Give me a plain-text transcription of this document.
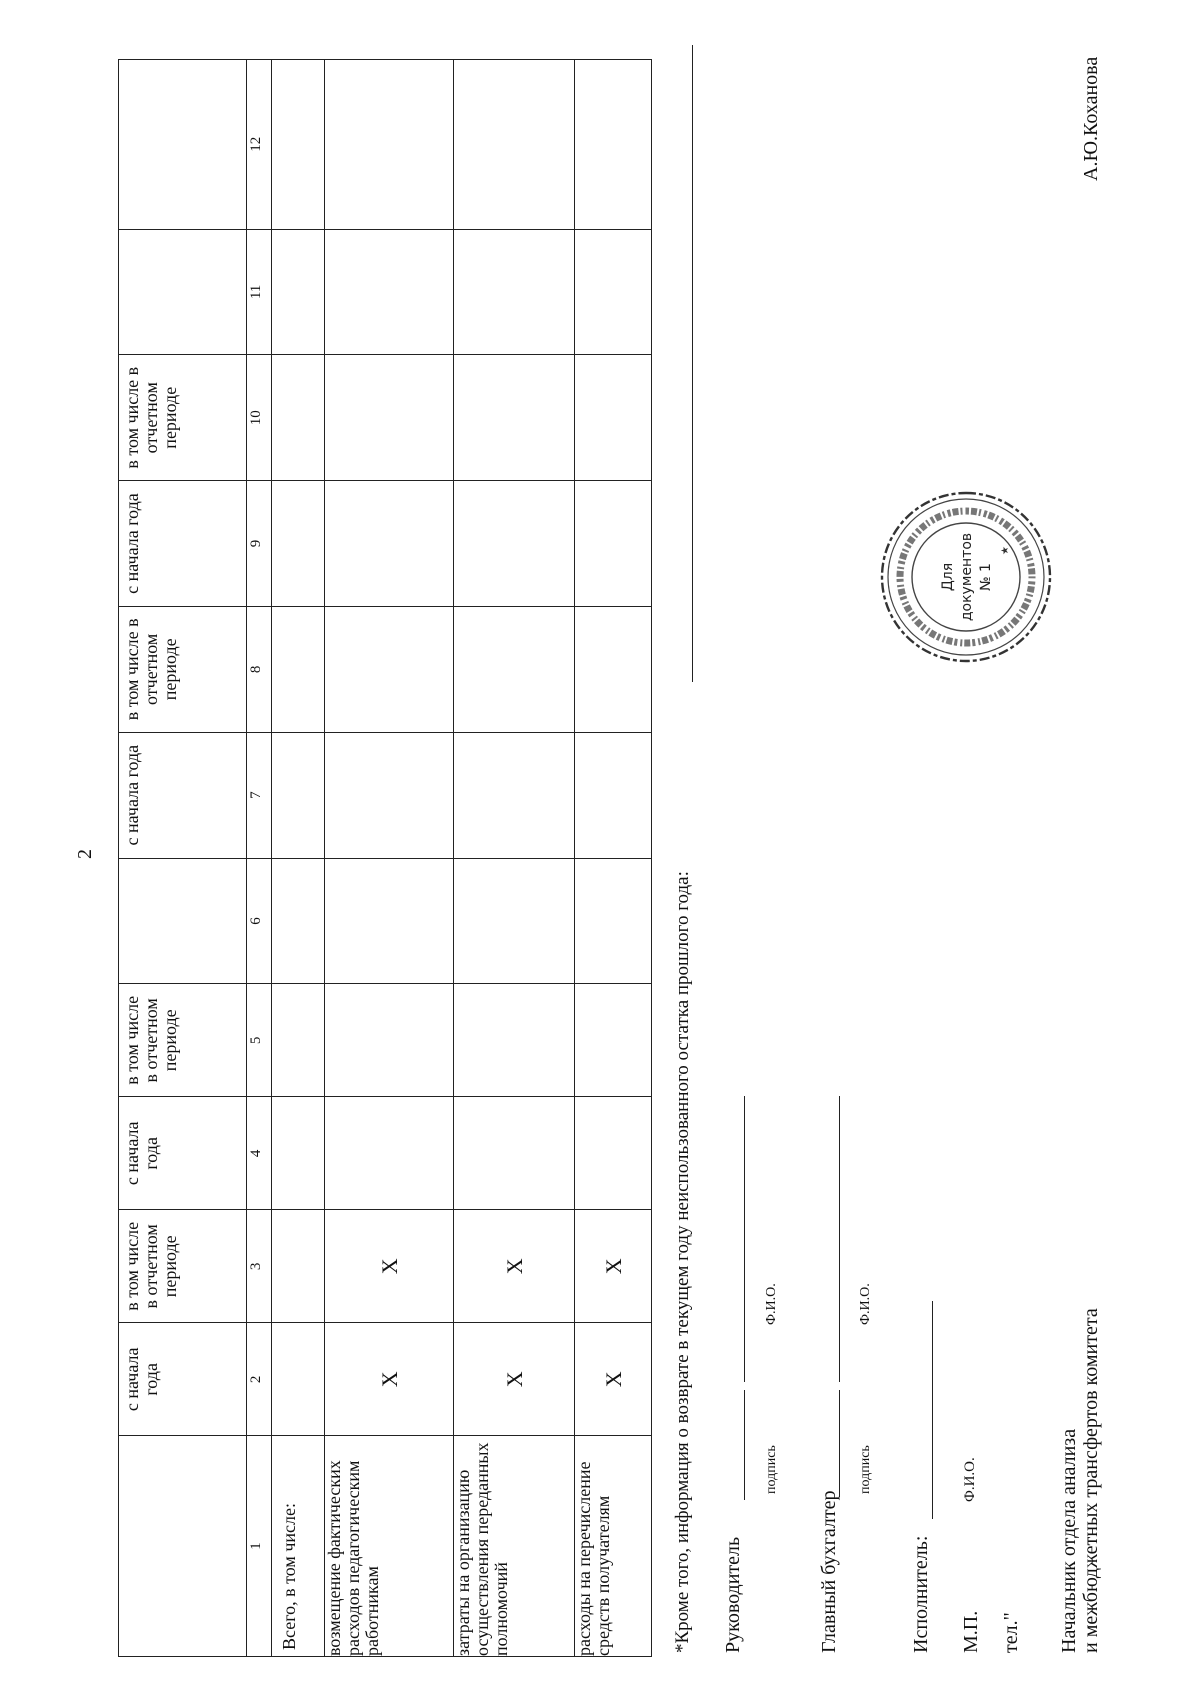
2

	с начала года	в том числе в отчетном периоде	с начала года	в том числе в отчетном периоде		с начала года	в том числе в отчетном периоде	с начала года	в том числе в отчетном периоде		

1	2	3	4	5	6	7	8	9	10	11	12
Всего, в том числе:											
возмещение фактических расходов педагогическим работникам	X	X									
затраты на организацию осуществления переданных полномочий	X	X									
расходы на перечисление средств получателям	X	X									*Кроме того, информация о возврате в текущем году неиспользованного остатка прошлого года: Руководитель
подпись
Ф.И.О.
Главный бухгалтер
подпись
Ф.И.О.
Исполнитель: М.П.
Ф.И.О.
тел." Начальник отдела анализа и межбюджетных трансфертов комитета
А.Ю.Коханова
Для документов № 1
★
